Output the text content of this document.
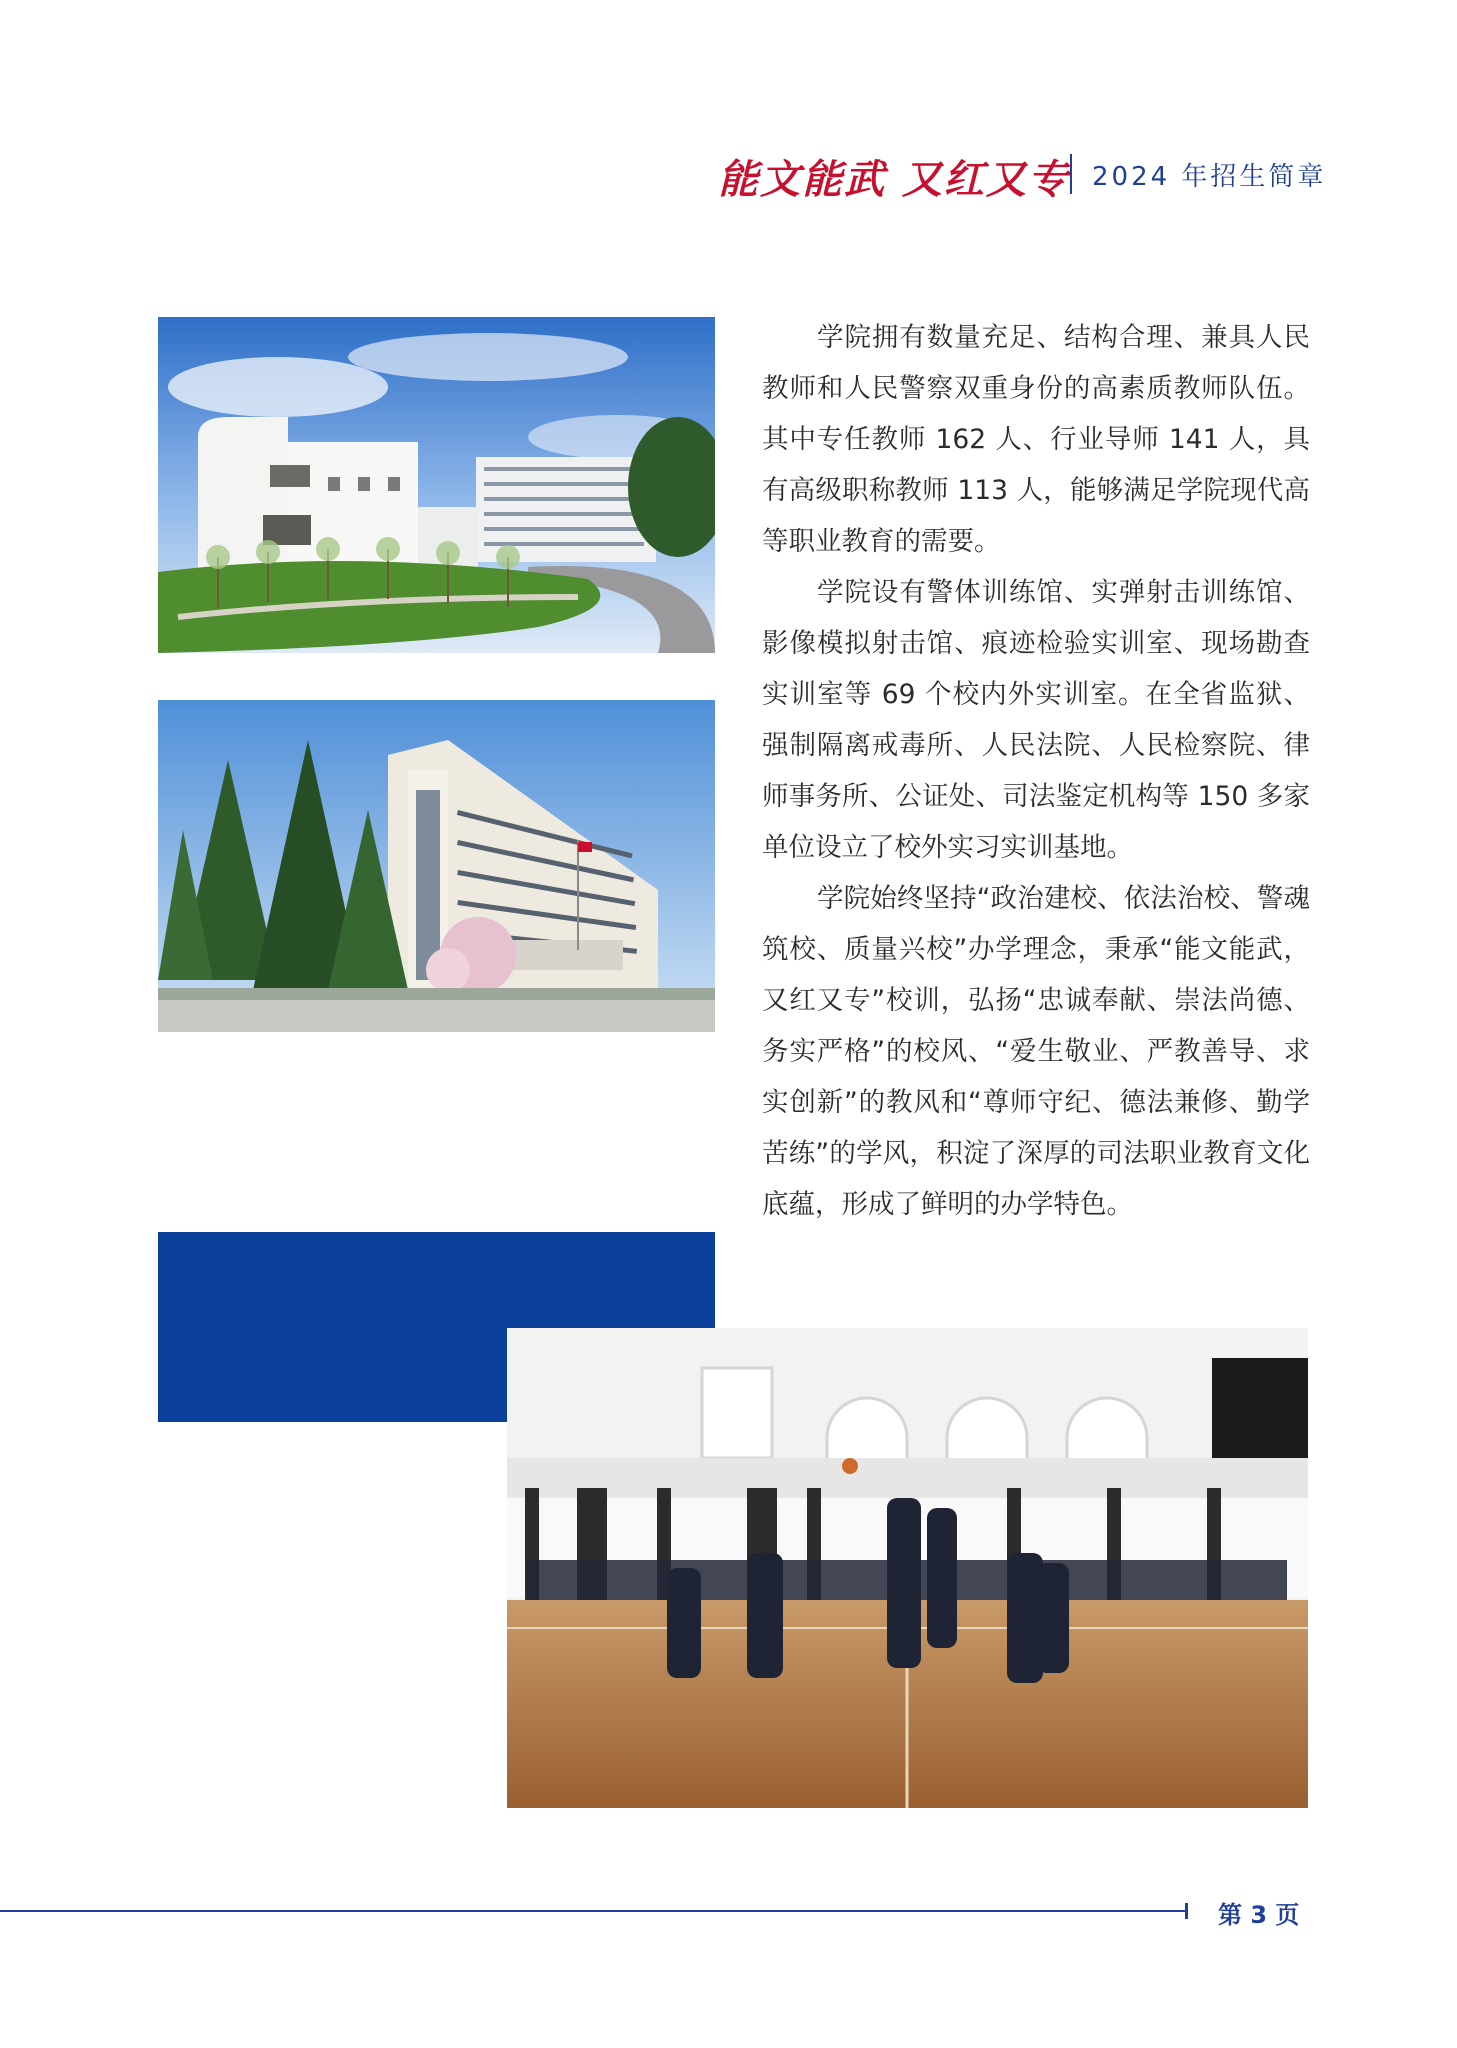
能文能武 又红又专 2024 年招生简章

学院拥有数量充足、结构合理、兼具人民教师和人民警察双重身份的高素质教师队伍。其中专任教师 162 人、行业导师 141 人，具有高级职称教师 113 人，能够满足学院现代高等职业教育的需要。

学院设有警体训练馆、实弹射击训练馆、影像模拟射击馆、痕迹检验实训室、现场勘查实训室等 69 个校内外实训室。在全省监狱、强制隔离戒毒所、人民法院、人民检察院、律师事务所、公证处、司法鉴定机构等 150 多家单位设立了校外实习实训基地。

学院始终坚持“政治建校、依法治校、警魂筑校、质量兴校”办学理念，秉承“能文能武，又红又专”校训，弘扬“忠诚奉献、崇法尚德、务实严格”的校风、“爱生敬业、严教善导、求实创新”的教风和“尊师守纪、德法兼修、勤学苦练”的学风，积淀了深厚的司法职业教育文化底蕴，形成了鲜明的办学特色。

第 3 页
